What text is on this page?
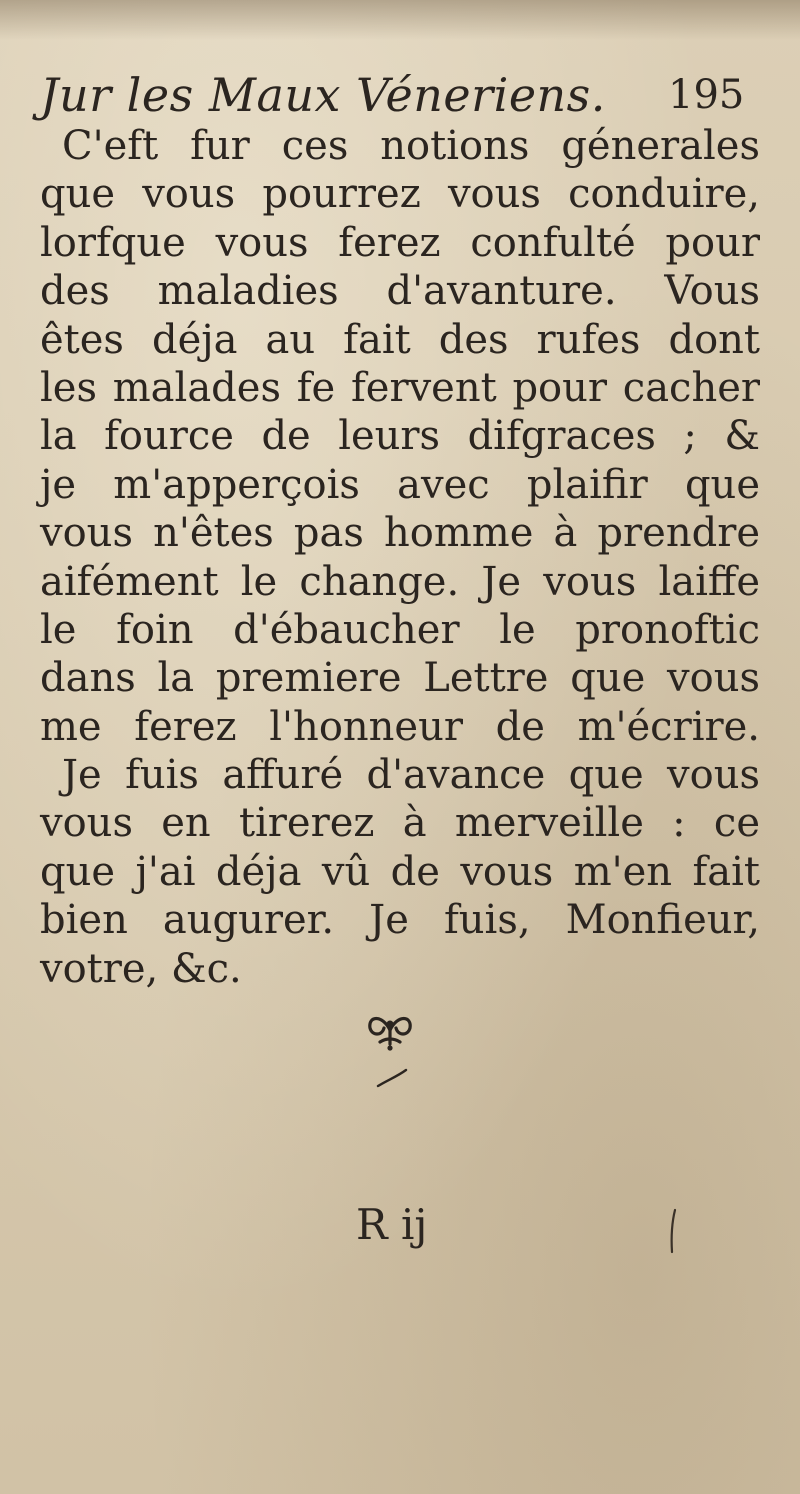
Jur les Maux Véneriens. 195
C'eft fur ces notions génerales
que vous pourrez vous conduire,
lorfque vous ferez confulté pour
des maladies d'avanture. Vous
êtes déja au fait des rufes dont
les malades fe fervent pour cacher
la fource de leurs difgraces ; &
je m'apperçois avec plaifir que
vous n'êtes pas homme à prendre
aifément le change. Je vous laiffe
le foin d'ébaucher le pronoftic
dans la premiere Lettre que vous
me ferez l'honneur de m'écrire.
Je fuis affuré d'avance que vous
vous en tirerez à merveille : ce
que j'ai déja vû de vous m'en fait
bien augurer. Je fuis, Monfieur,
votre, &c.
R ij
